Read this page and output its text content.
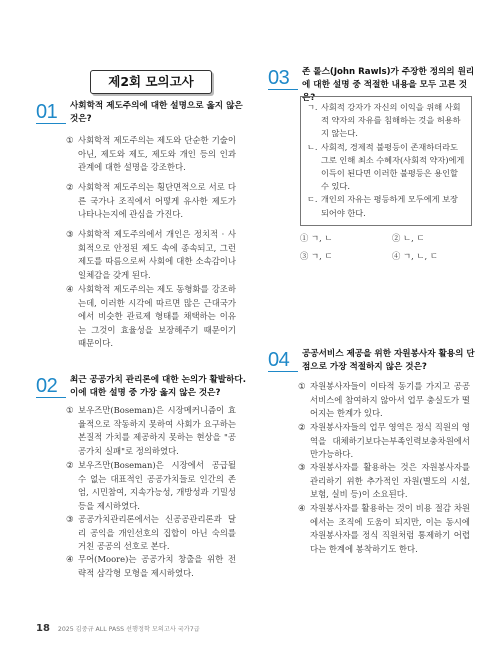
제2회 모의고사
01	사회학적 제도주의에 대한 설명으로 옳지 않은 것은?
① 사회학적 제도주의는 제도와 단순한 기술이 아닌, 제도와 제도, 제도와 개인 등의 인과관계에 대한 설명을 강조한다.
② 사회학적 제도주의는 횡단면적으로 서로 다른 국가나 조직에서 어떻게 유사한 제도가 나타나는지에 관심을 가진다.
③ 사회학적 제도주의에서 개인은 정치적 · 사회적으로 안정된 제도 속에 종속되고, 그런 제도를 따름으로써 사회에 대한 소속감이나 일체감을 갖게 된다.
④ 사회학적 제도주의는 제도 동형화를 강조하는데, 이러한 시각에 따르면 많은 근대국가에서 비슷한 관료제 형태를 채택하는 이유는 그것이 효율성을 보장해주기 때문이기 때문이다.
02	최근 공공가치 관리론에 대한 논의가 활발하다. 이에 대한 설명 중 가장 옳지 않은 것은?
① 보우즈만(Boseman)은 시장메커니즘이 효율적으로 작동하지 못하여 사회가 요구하는 본질적 가치를 제공하지 못하는 현상을 "공공가치 실패"로 정의하였다.
② 보우즈만(Boseman)은 시장에서 공급될 수 없는 대표적인 공공가치들로 인간의 존엄, 시민참여, 지속가능성, 개방성과 기밀성 등을 제시하였다.
③ 공공가치관리론에서는 신공공관리론과 달리 공익을 개인선호의 집합이 아닌 숙의를 거친 공공의 선호로 본다.
④ 무어(Moore)는 공공가치 창출을 위한 전략적 삼각형 모형을 제시하였다.
03	존 롤스(John Rawls)가 주장한 정의의 원리에 대한 설명 중 적절한 내용을 모두 고른 것은?

ㄱ. 사회적 강자가 자신의 이익을 위해 사회적 약자의 자유를 침해하는 것을 허용하지 않는다.

ㄴ. 사회적, 경제적 불평등이 존재하더라도 그로 인해 최소 수혜자(사회적 약자)에게 이득이 된다면 이러한 불평등은 용인할 수 있다.

ㄷ. 개인의 자유는 평등하게 모두에게 보장되어야 한다.

① ㄱ, ㄴ	② ㄴ, ㄷ
③ ㄱ, ㄷ	④ ㄱ, ㄴ, ㄷ
04	공공서비스 제공을 위한 자원봉사자 활용의 단점으로 가장 적절하지 않은 것은?
① 자원봉사자들이 이타적 동기를 가지고 공공서비스에 참여하지 않아서 업무 충실도가 떨어지는 한계가 있다.
② 자원봉사자들의 업무 영역은 정식 직원의 영역을 대체하기보다는부족인력보충차원에서만가능하다.
③ 자원봉사자를 활용하는 것은 자원봉사자를 관리하기 위한 추가적인 자원(별도의 시설, 보험, 실비 등)이 소요된다.
④ 자원봉사자를 활용하는 것이 비용 절감 차원에서는 조직에 도움이 되지만, 이는 동시에 자원봉사자를 정식 직원처럼 통제하기 어렵다는 한계에 봉착하기도 한다.
18 2025 김중규 ALL PASS 선행정학 모의고사 국가7급
